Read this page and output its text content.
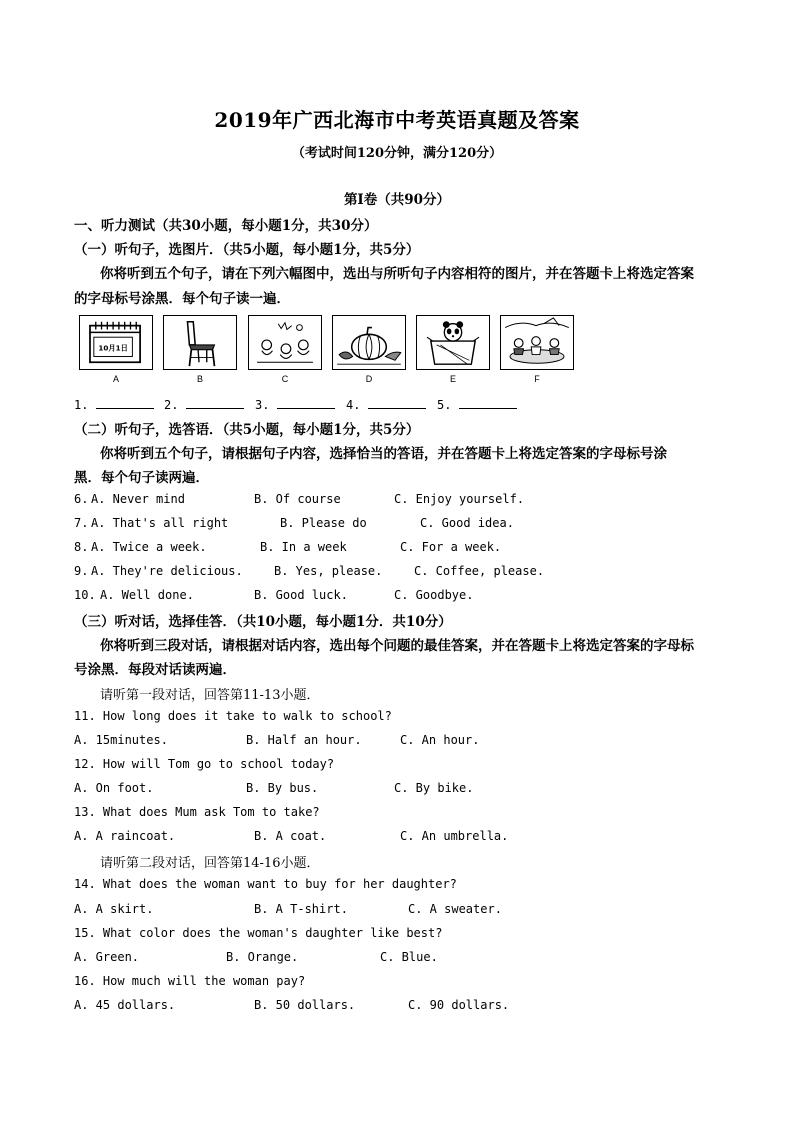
2019年广西北海市中考英语真题及答案
（考试时间120分钟，满分120分）
第Ⅰ卷（共90分）
一、听力测试（共30小题，每小题1分，共30分）
（一）听句子，选图片．（共5小题，每小题1分，共5分）
你将听到五个句子，请在下列六幅图中，选出与所听句子内容相符的图片，并在答题卡上将选定答案
的字母标号涂黑．每个句子读一遍．
10月1日
A	B	C	D	E	F
1.	2.	3.	4.	5.
（二）听句子，选答语．（共5小题，每小题1分，共5分）
你将听到五个句子，请根据句子内容，选择恰当的答语，并在答题卡上将选定答案的字母标号涂
黑．每个句子读两遍．
6. A. Never mind	B. Of course	C. Enjoy yourself.
7. A. That's all right	B. Please do	C. Good idea.
8. A. Twice a week.	B. In a week	C. For a week.
9. A. They're delicious.	B. Yes, please.	C. Coffee, please.
10. A. Well done.	B. Good luck.	C. Goodbye.
（三）听对话，选择佳答．（共10小题，每小题1分．共10分）
你将听到三段对话，请根据对话内容，选出每个问题的最佳答案，并在答题卡上将选定答案的字母标
号涂黑．每段对话读两遍．
请听第一段对话，回答第11-13小题．
11. How long does it take to walk to school?
A. 15minutes.	B. Half an hour.	C. An hour.
12. How will Tom go to school today?
A. On foot.	B. By bus.	C. By bike.
13. What does Mum ask Tom to take?
A. A raincoat.	B. A coat.	C. An umbrella.
请听第二段对话，回答第14-16小题．
14. What does the woman want to buy for her daughter?
A. A skirt.	B. A T-shirt.	C. A sweater.
15. What color does the woman's daughter like best?
A. Green.	B. Orange.	C. Blue.
16. How much will the woman pay?
A. 45 dollars.	B. 50 dollars.	C. 90 dollars.
